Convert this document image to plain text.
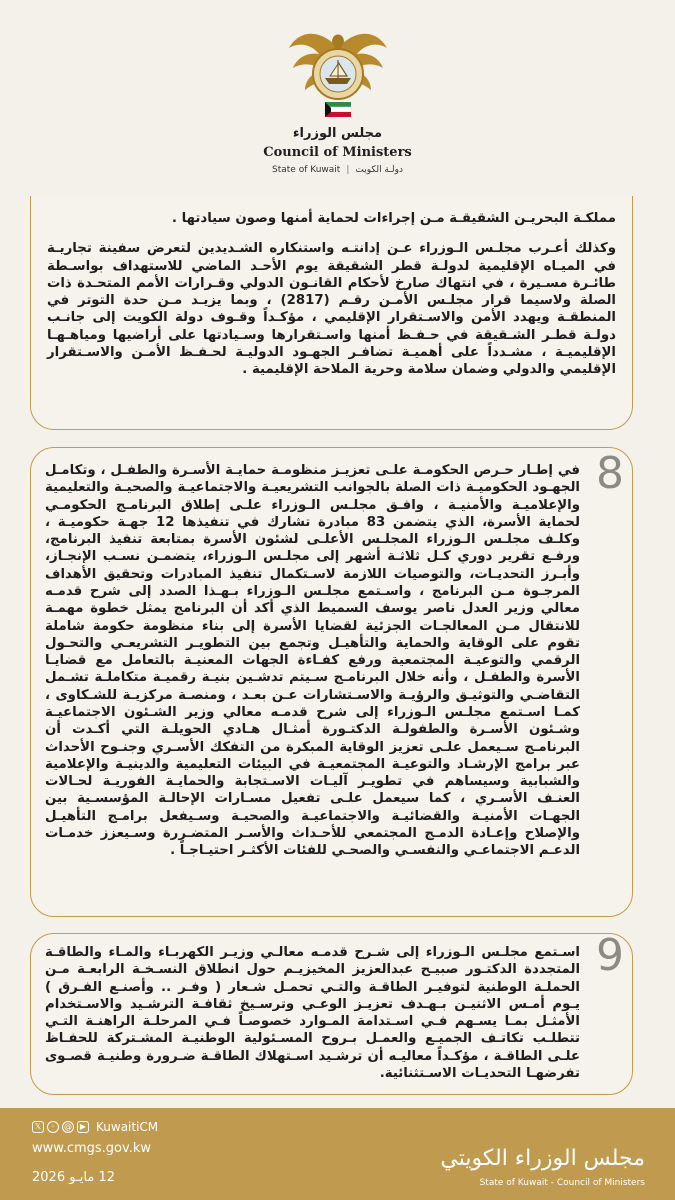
مجلس الوزراء
Council of Ministers
State of Kuwait | دولـة الكويت

مملكـة البحريـن الشقيقـة مـن إجراءات لحماية أمنها وصون سيادتها .

وكذلك أعـرب مجلـس الـوزراء عـن إدانتـه واستنكاره الشـديدين لتعرض سفينة تجاريـة في الميـاه الإقليمية لدولـة قطر الشقيقة يوم الأحـد الماضي للاستهداف بواسـطة طائـرة مسـيرة ، في انتهاك صارخ لأحكام القانـون الدولي وقـرارات الأمم المتحـدة ذات الصلة ولاسيما قرار مجلـس الأمـن رقـم (2817) ، وبما يزيـد مـن حدة التوتر في المنطقـة ويهدد الأمن والاسـتقرار الإقليمي ، مؤكـداً وقـوف دولة الكويت إلى جانـب دولـة قطـر الشـقيقة في حـفـظ أمنها واسـتقرارها وسـيادتها على أراضيها ومياهـهـا الإقليميـة ، مشـدداً على أهميـة تضافـر الجهـود الدوليـة لحـفـظ الأمـن والاسـتقرار الإقليمي والدولي وضمان سلامة وحرية الملاحة الإقليمية .

8

في إطـار حـرص الحكومـة علـى تعزيـز منظومـة حمايـة الأسـرة والطفـل ، وتكامـل الجهـود الحكوميـة ذات الصلة بالجوانب التشريعيـة والاجتماعيـة والصحيـة والتعليمية والإعلاميـة والأمنيـة ، وافـق مجلـس الـوزراء علـى إطلاق البرنامـج الحكومـي لحماية الأسرة، الذي يتضمن 83 مبادرة تشارك في تنفيذها 12 جهـة حكوميـة ، وكلـف مجلـس الـوزراء المجلـس الأعلـى لشئون الأسرة بمتابعة تنفيذ البرنامج، ورفـع تقرير دوري كـل ثلاثـة أشهر إلى مجلـس الـوزراء، يتضمـن نسـب الإنجـاز، وأبـرز التحديـات، والتوصيات اللازمة لاسـتكمال تنفيذ المبادرات وتحقيق الأهداف المرجـوة مـن البرنامج ، واسـتمع مجلـس الـوزراء بـهـذا الصدد إلى شرح قدمـه معالي وزير العدل ناصر يوسف السميط الذي أكد أن البرنامج يمثل خطوة مهمـة للانتقال مـن المعالجـات الجزئية لقضايا الأسرة إلى بناء منظومة حكومة شاملة تقوم على الوقاية والحماية والتأهيـل وتجمع بين التطويـر التشريعـي والتحـول الرقمي والتوعيـة المجتمعية ورفع كفـاءة الجهات المعنيـة بالتعامل مع قضايـا الأسرة والطفـل ، وأنه خلال البرنامـج سـيتم تدشـين بنيـة رقميـة متكاملـة تشـمل التقاضـي والتوثيـق والرؤيـة والاسـتشارات عـن بعـد ، ومنصـة مركزيـة للشـكاوى ، كمـا اسـتمع مجلـس الـوزراء إلى شرح قدمـه معالي وزير الشـئون الاجتماعيـة وشـئون الأسـرة والطفولـة الدكتـورة أمثـال هـادي الحويلـة التي أكـدت أن البرنامـج سـيعمل علـى تعزيز الوقاية المبكرة من التفكك الأسـري وجنـوح الأحداث عبر برامج الإرشـاد والتوعيـة المجتمعيـة في البيئات التعليمية والدينيـة والإعلامية والشبابية وسيساهم في تطويـر آليـات الاسـتجابة والحمايـة الفوريـة لحـالات العنـف الأسـري ، كما سيعمل علـى تفعيل مسـارات الإحالـة المؤسسـية بين الجهـات الأمنيـة والقضائيـة والاجتماعيـة والصحيـة وسـيفعل برامـج التأهيـل والإصلاح وإعـادة الدمـج المجتمعي للأحـداث والأسـر المتضـررة وسـيعزز خدمـات الدعـم الاجتماعـي والنفسـي والصحـي للفئات الأكثـر احتيـاجـاً .

9

اسـتمع مجلـس الـوزراء إلى شـرح قدمـه معالـي وزيـر الكهربـاء والمـاء والطاقـة المتجددة الدكتـور صبيـح عبدالعزيز المخيزيـم حول انطلاق النسـخـة الرابعـة مـن الحملـة الوطنية لتوفيـر الطاقـة والتـي تحمـل شـعار ( وفـر .. وأصنـع الفـرق ) يـوم أمـس الاثنيـن بـهـدف تعزيـز الوعـي وترسـيخ ثقافـة الترشـيد والاسـتخدام الأمثـل بمـا يسـهم فـي اسـتدامة المـوارد خصوصـاً فـي المرحلـة الراهنـة التـي تتطلـب تكاتـف الجميـع والعمـل بـروح المسـئولية الوطنيـة المشـتركة للحفـاظ علـى الطاقـة ، مؤكـداً معاليـه أن ترشـيد اسـتهلاك الطاقـة ضـرورة وطنيـة قصـوى تفرضهـا التحديـات الاسـتثنائية.

𝕏	◦	@ ▶ KuwaitiCM
www.cmgs.gov.kw
12 مايـو 2026
مجلس الوزراء الكويتي
State of Kuwait - Council of Ministers
